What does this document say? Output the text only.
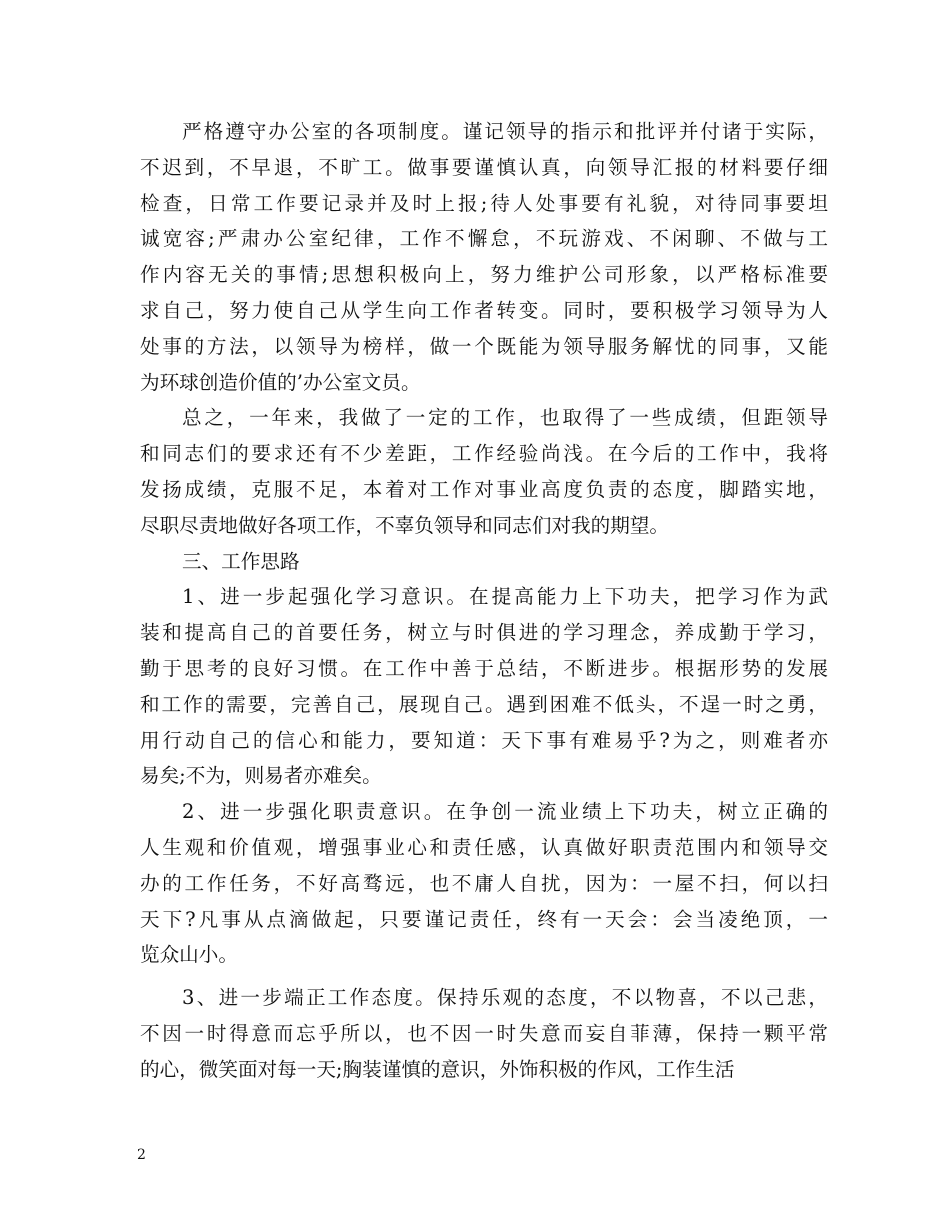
严格遵守办公室的各项制度。谨记领导的指示和批评并付诸于实际，
不迟到，不早退，不旷工。做事要谨慎认真，向领导汇报的材料要仔细
检查，日常工作要记录并及时上报;待人处事要有礼貌，对待同事要坦
诚宽容;严肃办公室纪律，工作不懈怠，不玩游戏、不闲聊、不做与工
作内容无关的事情;思想积极向上，努力维护公司形象，以严格标准要
求自己，努力使自己从学生向工作者转变。同时，要积极学习领导为人
处事的方法，以领导为榜样，做一个既能为领导服务解忧的同事，又能
为环球创造价值的’办公室文员。
总之，一年来，我做了一定的工作，也取得了一些成绩，但距领导
和同志们的要求还有不少差距，工作经验尚浅。在今后的工作中，我将
发扬成绩，克服不足，本着对工作对事业高度负责的态度，脚踏实地，
尽职尽责地做好各项工作，不辜负领导和同志们对我的期望。
三、工作思路
1、进一步起强化学习意识。在提高能力上下功夫，把学习作为武
装和提高自己的首要任务，树立与时俱进的学习理念，养成勤于学习，
勤于思考的良好习惯。在工作中善于总结，不断进步。根据形势的发展
和工作的需要，完善自己，展现自己。遇到困难不低头，不逞一时之勇，
用行动自己的信心和能力，要知道：天下事有难易乎?为之，则难者亦
易矣;不为，则易者亦难矣。
2、进一步强化职责意识。在争创一流业绩上下功夫，树立正确的
人生观和价值观，增强事业心和责任感，认真做好职责范围内和领导交
办的工作任务，不好高骛远，也不庸人自扰，因为：一屋不扫，何以扫
天下?凡事从点滴做起，只要谨记责任，终有一天会：会当凌绝顶，一
览众山小。
3、进一步端正工作态度。保持乐观的态度，不以物喜，不以己悲，
不因一时得意而忘乎所以，也不因一时失意而妄自菲薄，保持一颗平常
的心，微笑面对每一天;胸装谨慎的意识，外饰积极的作风，工作生活
2
